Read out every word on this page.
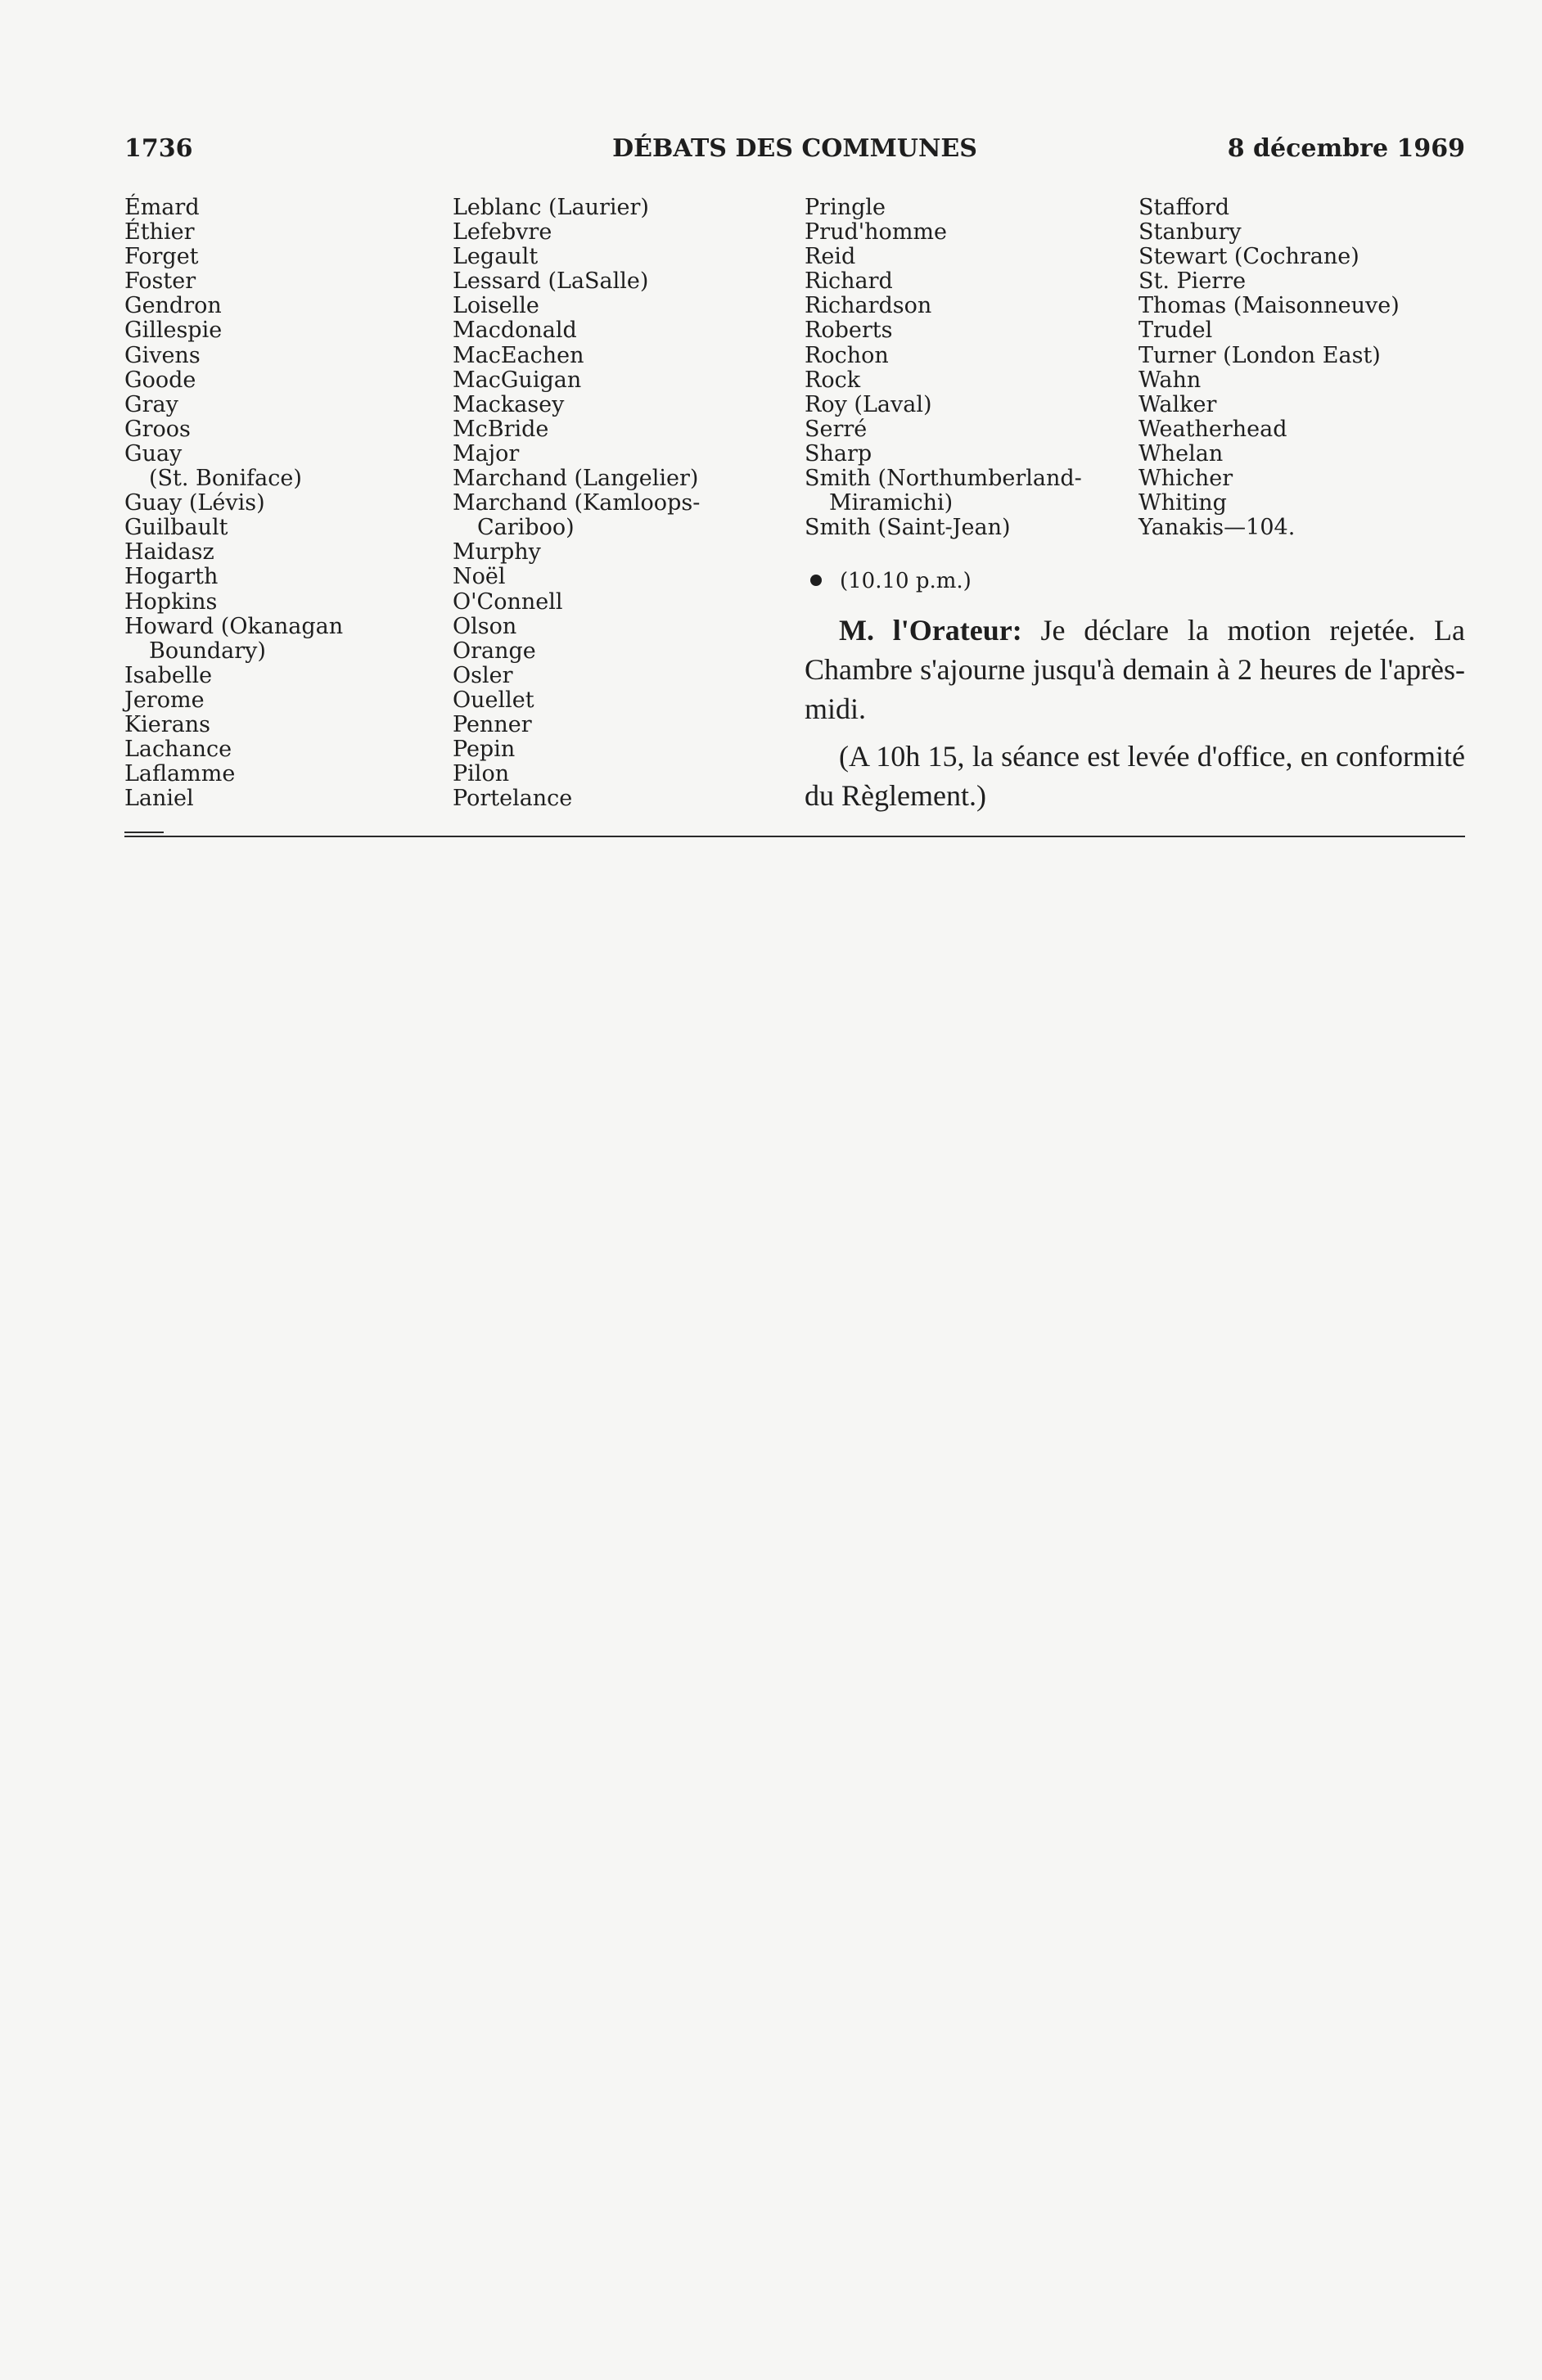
1736	DÉBATS DES COMMUNES	8 décembre 1969
Émard
Éthier
Forget
Foster
Gendron
Gillespie
Givens
Goode
Gray
Groos
Guay
(St. Boniface)
Guay (Lévis)
Guilbault
Haidasz
Hogarth
Hopkins
Howard (Okanagan
Boundary)
Isabelle
Jerome
Kierans
Lachance
Laflamme
Laniel
Leblanc (Laurier)
Lefebvre
Legault
Lessard (LaSalle)
Loiselle
Macdonald
MacEachen
MacGuigan
Mackasey
McBride
Major
Marchand (Langelier)
Marchand (Kamloops-
Cariboo)
Murphy
Noël
O'Connell
Olson
Orange
Osler
Ouellet
Penner
Pepin
Pilon
Portelance
Pringle
Prud'homme
Reid
Richard
Richardson
Roberts
Rochon
Rock
Roy (Laval)
Serré
Sharp
Smith (Northumberland-
Miramichi)
Smith (Saint-Jean)
Stafford
Stanbury
Stewart (Cochrane)
St. Pierre
Thomas (Maisonneuve)
Trudel
Turner (London East)
Wahn
Walker
Weatherhead
Whelan
Whicher
Whiting
Yanakis—104.
(10.10 p.m.)

M. l'Orateur: Je déclare la motion rejetée. La Chambre s'ajourne jusqu'à demain à 2 heures de l'après-midi.

(A 10h 15, la séance est levée d'office, en conformité du Règlement.)
